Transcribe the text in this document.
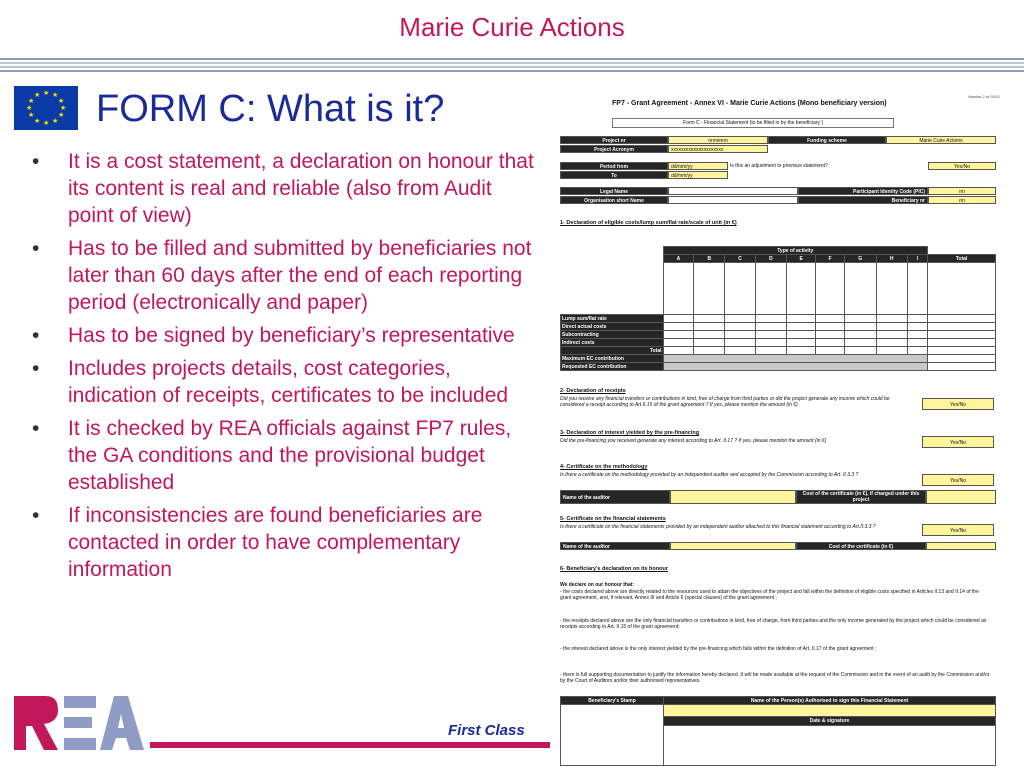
Marie Curie Actions
★ ★
★
★
★
★
★
★
★
★
★
★ FORM C: What is it?
• It is a cost statement, a declaration on honour that its content is real and reliable (also from Audit point of view)
• Has to be filled and submitted by beneficiaries not later than 60 days after the end of each reporting period (electronically and paper)
• Has to be signed by beneficiary’s representative
• Includes projects details, cost categories, indication of receipts, certificates to be included
• It is checked by REA officials against FP7 rules, the GA conditions and the provisional budget established
• If inconsistencies are found beneficiaries are contacted in order to have complementary information
First Class
Version 2 of 03/11
FP7 - Grant Agreement - Annex VI - Marie Curie Actions (Mono beneficiary version)
Form C - Financial Statement (to be filled in by the beneficiary )
Project nr	nnnnnnn	Funding scheme	Marie Curie Actions
Project Acronym	xxxxxxxxxxxxxxxxxxxxx
Period from	dd/mm/yy	Is this an adjustment to previous statement?	Yes/No
To	dd/mm/yy
Legal Name	Participant Identity Code (PIC)	nn
Organisation short Name	Beneficiary nr	nn
1- Declaration of eligible costs/lump sum/flat rate/scale of unit (in €)
	Type of activity									
	A	B	C	D	E	F	G	H	I	Total

Lump sum/flat rate										
Direct actual costs										
Subcontracting										
Indirect costs										
Total										
Maximum EC contribution										
Requested EC contribution										
2- Declaration of receipts
Did you receive any financial transfers or contributions in kind, free of charge from third parties or did the project generate any income which could be considered a receipt according to Art.II.15 of the grant agreement ? If yes, please mention the amount (in €)	Yes/No
3- Declaration of interest yielded by the pre-financing
Did the pre-financing you received generate any interest according to Art. II.17 ? If yes, please mention the amount (in €)	Yes/No
4- Certificate on the methodology
Is there a certificate on the methodology provided by an independent auditor and accepted by the Commission according to Art. II.3.3 ?
Yes/No
Name of the auditor
Cost of the certificate (in €), if charged under this project
5- Certificate on the financial statements
Is there a certificate on the financial statements provided by an independent auditor attached to this financial statement according to Art.II.3.3 ?
Yes/No
Name of the auditor	Cost of the certificate (in €)
6- Beneficiary's declaration on its honour
We declare on our honour that:
- the costs declared above are directly related to the resources used to attain the objectives of the project and fall within the definition of eligible costs specified in Articles II.13 and II.14 of the grant agreement, and, if relevant, Annex III and Article 6 (special clauses) of the grant agreement ;
- the receipts declared above are the only financial transfers or contributions in kind, free of charge, from third parties and the only income generated by the project which could be considered as receipts according to Art. II.15 of the grant agreement;
- the interest declared above is the only interest yielded by the pre-financing which falls within the definition of Art. II.17 of the grant agreement ;
- there is full supporting documentation to justify the information hereby declared. It will be made available at the request of the Commission and in the event of an audit by the Commission and/or by the Court of Auditors and/or their authorised representatives.
Beneficiary's Stamp	Name of the Person(s) Authorised to sign this Financial Statement

	Date & signature
